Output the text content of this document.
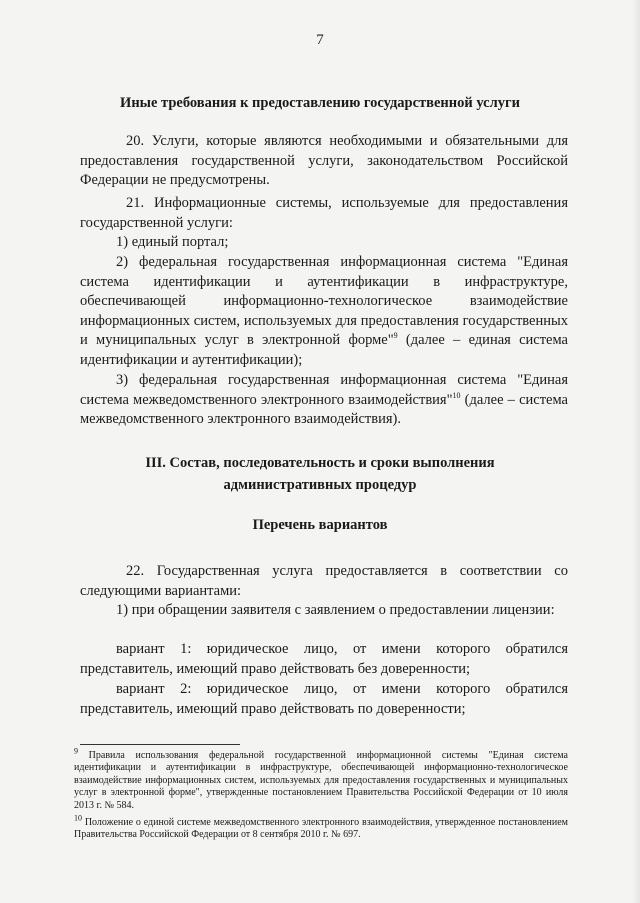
7
Иные требования к предоставлению государственной услуги

20. Услуги, которые являются необходимыми и обязательными для предоставления государственной услуги, законодательством Российской Федерации не предусмотрены.

21. Информационные системы, используемые для предоставления государственной услуги:

1) единый портал;

2) федеральная государственная информационная система "Единая система идентификации и аутентификации в инфраструктуре, обеспечивающей информационно-технологическое взаимодействие информационных систем, используемых для предоставления государственных и муниципальных услуг в электронной форме"$^9$ (далее – единая система идентификации и аутентификации);

3) федеральная государственная информационная система "Единая система межведомственного электронного взаимодействия"$^{10}$ (далее – система межведомственного электронного взаимодействия).

III. Состав, последовательность и сроки выполнения
административных процедур
Перечень вариантов

22. Государственная услуга предоставляется в соответствии со следующими вариантами:

1) при обращении заявителя с заявлением о предоставлении лицензии:

вариант 1: юридическое лицо, от имени которого обратился представитель, имеющий право действовать без доверенности;

вариант 2: юридическое лицо, от имени которого обратился представитель, имеющий право действовать по доверенности;

$^9$ Правила использования федеральной государственной информационной системы "Единая система идентификации и аутентификации в инфраструктуре, обеспечивающей информационно-технологическое взаимодействие информационных систем, используемых для предоставления государственных и муниципальных услуг в электронной форме", утвержденные постановлением Правительства Российской Федерации от 10 июля 2013 г. № 584.

$^{10}$ Положение о единой системе межведомственного электронного взаимодействия, утвержденное постановлением Правительства Российской Федерации от 8 сентября 2010 г. № 697.
